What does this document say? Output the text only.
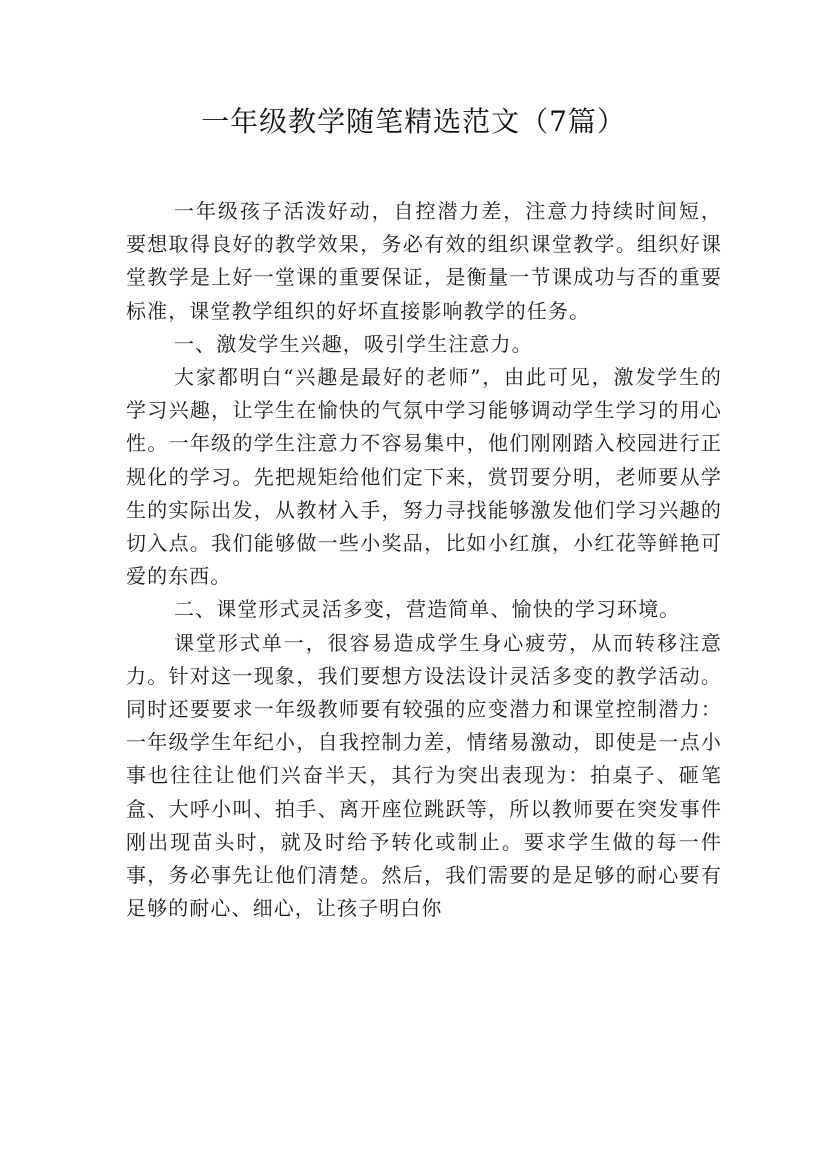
一年级教学随笔精选范文（7篇）

一年级孩子活泼好动，自控潜力差，注意力持续时间短，要想取得良好的教学效果，务必有效的组织课堂教学。组织好课堂教学是上好一堂课的重要保证，是衡量一节课成功与否的重要标准，课堂教学组织的好坏直接影响教学的任务。

一、激发学生兴趣，吸引学生注意力。

大家都明白“兴趣是最好的老师”，由此可见，激发学生的学习兴趣，让学生在愉快的气氛中学习能够调动学生学习的用心性。一年级的学生注意力不容易集中，他们刚刚踏入校园进行正规化的学习。先把规矩给他们定下来，赏罚要分明，老师要从学生的实际出发，从教材入手，努力寻找能够激发他们学习兴趣的切入点。我们能够做一些小奖品，比如小红旗，小红花等鲜艳可爱的东西。

二、课堂形式灵活多变，营造简单、愉快的学习环境。

课堂形式单一，很容易造成学生身心疲劳，从而转移注意力。针对这一现象，我们要想方设法设计灵活多变的教学活动。同时还要要求一年级教师要有较强的应变潜力和课堂控制潜力：一年级学生年纪小，自我控制力差，情绪易激动，即使是一点小事也往往让他们兴奋半天，其行为突出表现为：拍桌子、砸笔盒、大呼小叫、拍手、离开座位跳跃等，所以教师要在突发事件刚出现苗头时，就及时给予转化或制止。要求学生做的每一件事，务必事先让他们清楚。然后，我们需要的是足够的耐心要有足够的耐心、细心，让孩子明白你
